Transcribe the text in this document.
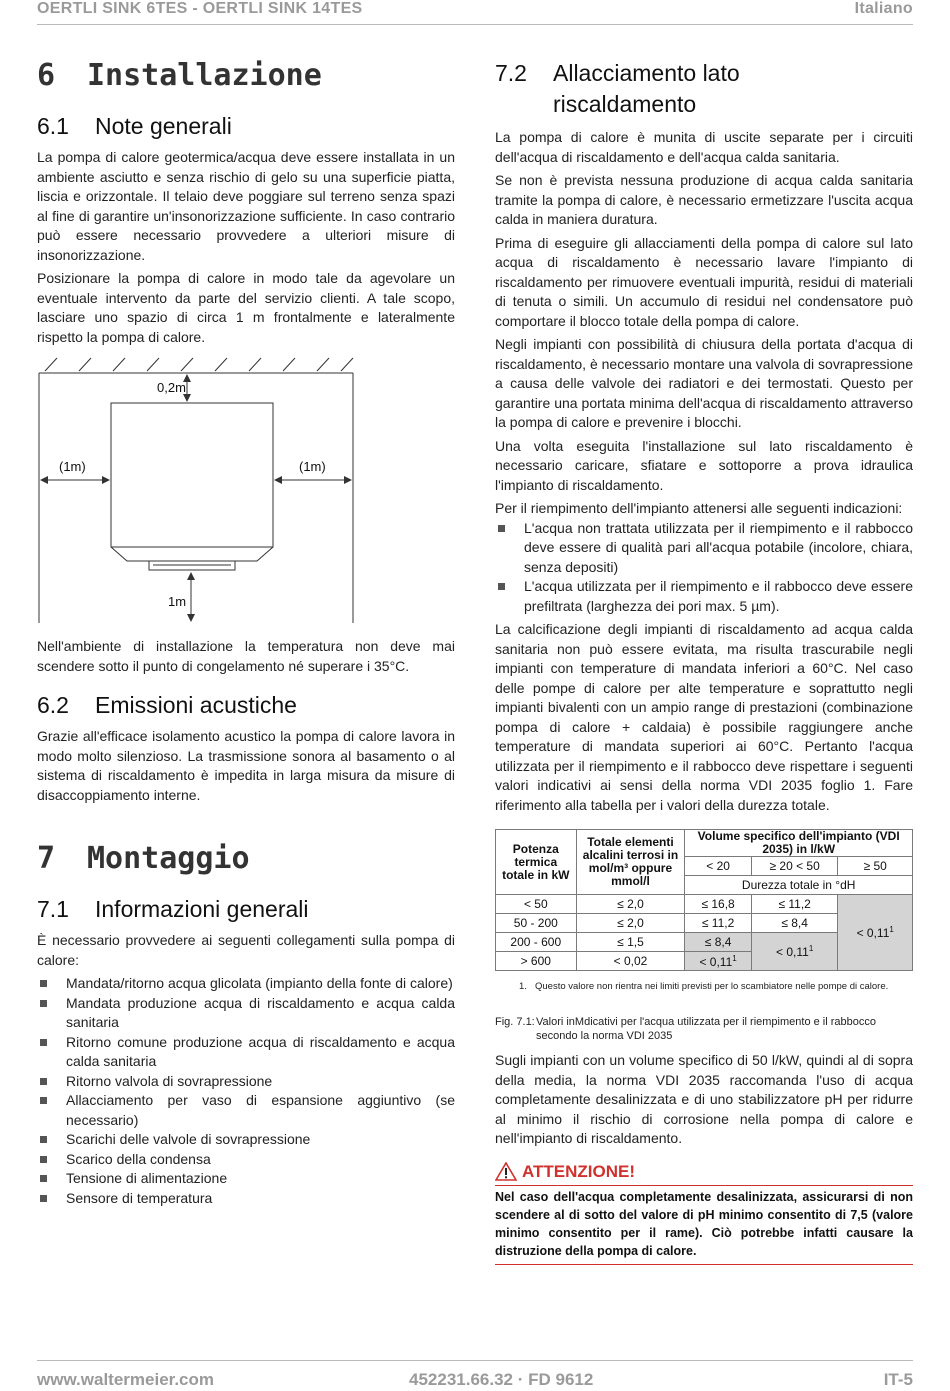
OERTLI SINK 6TES - OERTLI SINK 14TES	Italiano
6 Installazione
6.1 Note generali

La pompa di calore geotermica/acqua deve essere installata in un ambiente asciutto e senza rischio di gelo su una superficie piatta, liscia e orizzontale. Il telaio deve poggiare sul terreno senza spazi al fine di garantire un'insonorizzazione sufficiente. In caso contrario può essere necessario provvedere a ulteriori misure di insonorizzazione.

Posizionare la pompa di calore in modo tale da agevolare un eventuale intervento da parte del servizio clienti. A tale scopo, lasciare uno spazio di circa 1 m frontalmente e lateralmente rispetto la pompa di calore.

0,2m
(1m)	(1m)
1m

Nell'ambiente di installazione la temperatura non deve mai scendere sotto il punto di congelamento né superare i 35°C.

6.2 Emissioni acustiche

Grazie all'efficace isolamento acustico la pompa di calore lavora in modo molto silenzioso. La trasmissione sonora al basamento o al sistema di riscaldamento è impedita in larga misura da misure di disaccoppiamento interne.

7 Montaggio
7.1 Informazioni generali

È necessario provvedere ai seguenti collegamenti sulla pompa di calore:

Mandata/ritorno acqua glicolata (impianto della fonte di calore)
Mandata produzione acqua di riscaldamento e acqua calda sanitaria
Ritorno comune produzione acqua di riscaldamento e acqua calda sanitaria
Ritorno valvola di sovrapressione
Allacciamento per vaso di espansione aggiuntivo (se necessario)
Scarichi delle valvole di sovrapressione
Scarico della condensa
Tensione di alimentazione
Sensore di temperatura
7.2 Allacciamento lato
riscaldamento

La pompa di calore è munita di uscite separate per i circuiti dell'acqua di riscaldamento e dell'acqua calda sanitaria.

Se non è prevista nessuna produzione di acqua calda sanitaria tramite la pompa di calore, è necessario ermetizzare l'uscita acqua calda in maniera duratura.

Prima di eseguire gli allacciamenti della pompa di calore sul lato acqua di riscaldamento è necessario lavare l'impianto di riscaldamento per rimuovere eventuali impurità, residui di materiali di tenuta o simili. Un accumulo di residui nel condensatore può comportare il blocco totale della pompa di calore.

Negli impianti con possibilità di chiusura della portata d'acqua di riscaldamento, è necessario montare una valvola di sovrapressione a causa delle valvole dei radiatori e dei termostati. Questo per garantire una portata minima dell'acqua di riscaldamento attraverso la pompa di calore e prevenire i blocchi.

Una volta eseguita l'installazione sul lato riscaldamento è necessario caricare, sfiatare e sottoporre a prova idraulica l'impianto di riscaldamento.

Per il riempimento dell'impianto attenersi alle seguenti indicazioni:

L'acqua non trattata utilizzata per il riempimento e il rabbocco deve essere di qualità pari all'acqua potabile (incolore, chiara, senza depositi)
L'acqua utilizzata per il riempimento e il rabbocco deve essere prefiltrata (larghezza dei pori max. 5 µm).

La calcificazione degli impianti di riscaldamento ad acqua calda sanitaria non può essere evitata, ma risulta trascurabile negli impianti con temperature di mandata inferiori a 60°C. Nel caso delle pompe di calore per alte temperature e soprattutto negli impianti bivalenti con un ampio range di prestazioni (combinazione pompa di calore + caldaia) è possibile raggiungere anche temperature di mandata superiori ai 60°C. Pertanto l'acqua utilizzata per il riempimento e il rabbocco deve rispettare i seguenti valori indicativi ai sensi della norma VDI 2035 foglio 1. Fare riferimento alla tabella per i valori della durezza totale.

Potenza termica totale in kW	Totale elementi alcalini terrosi in mol/m³ oppure mmol/l	Volume specifico dell'impianto (VDI 2035) in l/kW		
		< 20	≥ 20 < 50	≥ 50
		Durezza totale in °dH		
< 50	≤ 2,0	≤ 16,8	≤ 11,2	< $0,11^1$
50 - 200	≤ 2,0	≤ 11,2	≤ 8,4	
200 - 600	≤ 1,5	≤ 8,4	< $0,11^1$
> 600	< 0,02	< $0,11^1$
1. Questo valore non rientra nei limiti previsti per lo scambiatore nelle pompe di calore.
Fig. 7.1: Valori inMdicativi per l'acqua utilizzata per il riempimento e il rabbocco secondo la norma VDI 2035

Sugli impianti con un volume specifico di 50 l/kW, quindi al di sopra della media, la norma VDI 2035 raccomanda l'uso di acqua completamente desalinizzata e di uno stabilizzatore pH per ridurre al minimo il rischio di corrosione nella pompa di calore e nell'impianto di riscaldamento.

ATTENZIONE!
Nel caso dell'acqua completamente desalinizzata, assicurarsi di non scendere al di sotto del valore di pH minimo consentito di 7,5 (valore minimo consentito per il rame). Ciò potrebbe infatti causare la distruzione della pompa di calore.
www.waltermeier.com	452231.66.32 · FD 9612	IT-5
